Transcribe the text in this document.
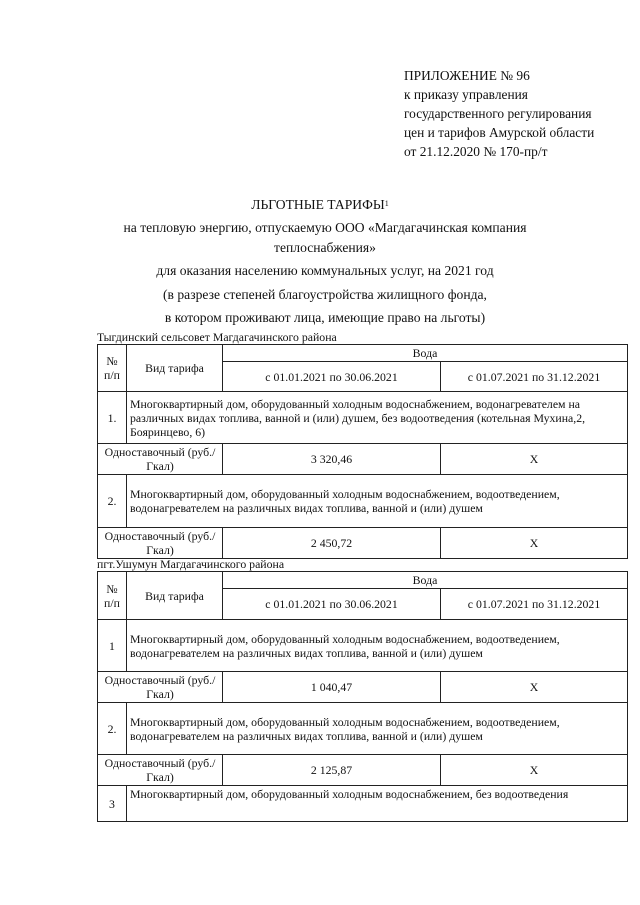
ПРИЛОЖЕНИЕ № 96
к приказу управления
государственного регулирования
цен и тарифов Амурской области
от 21.12.2020 № 170-пр/т
ЛЬГОТНЫЕ ТАРИФЫ$^1$
на тепловую энергию, отпускаемую ООО «Магдагачинская компания теплоснабжения»
для оказания населению коммунальных услуг, на 2021 год
(в разрезе степеней благоустройства жилищного фонда,
в котором проживают лица, имеющие право на льготы)
Тыгдинский сельсовет Магдагачинского района
№ п/п	Вид тарифа	Вода	
		с 01.01.2021 по 30.06.2021	с 01.07.2021 по 31.12.2021
1.	Многоквартирный дом, оборудованный холодным водоснабжением, водонагревателем на различных видах топлива, ванной и (или) душем, без водоотведения (котельная Мухина,2, Бояринцево, 6)		
Одноставочный (руб./Гкал)		3 320,46	Х
2.	Многоквартирный дом, оборудованный холодным водоснабжением, водоотведением, водонагревателем на различных видах топлива, ванной и (или) душем		
Одноставочный (руб./Гкал)		2 450,72	Х
пгт.Ушумун Магдагачинского района
№ п/п	Вид тарифа	Вода	
		с 01.01.2021 по 30.06.2021	с 01.07.2021 по 31.12.2021
1	Многоквартирный дом, оборудованный холодным водоснабжением, водоотведением, водонагревателем на различных видах топлива, ванной и (или) душем		
Одноставочный (руб./Гкал)		1 040,47	Х
2.	Многоквартирный дом, оборудованный холодным водоснабжением, водоотведением, водонагревателем на различных видах топлива, ванной и (или) душем		
Одноставочный (руб./Гкал)		2 125,87	Х
3	Многоквартирный дом, оборудованный холодным водоснабжением, без водоотведения		
